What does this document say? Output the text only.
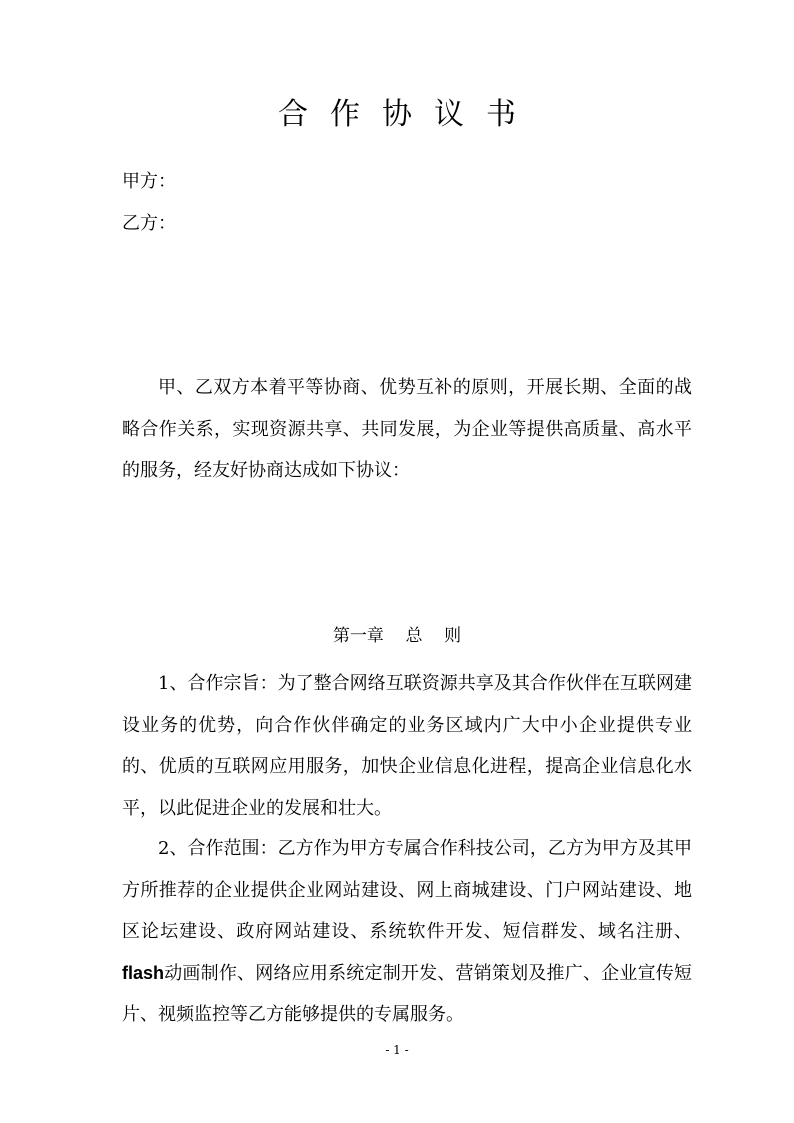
合作协议书
甲方：
乙方：

甲、乙双方本着平等协商、优势互补的原则，开展长期、全面的战略合作关系，实现资源共享、共同发展，为企业等提供高质量、高水平的服务，经友好协商达成如下协议：

第一章    总    则

1、合作宗旨：为了整合网络互联资源共享及其合作伙伴在互联网建设业务的优势，向合作伙伴确定的业务区域内广大中小企业提供专业的、优质的互联网应用服务，加快企业信息化进程，提高企业信息化水平，以此促进企业的发展和壮大。

2、合作范围：乙方作为甲方专属合作科技公司，乙方为甲方及其甲方所推荐的企业提供企业网站建设、网上商城建设、门户网站建设、地区论坛建设、政府网站建设、系统软件开发、短信群发、域名注册、flash动画制作、网络应用系统定制开发、营销策划及推广、企业宣传短片、视频监控等乙方能够提供的专属服务。

- 1 -
